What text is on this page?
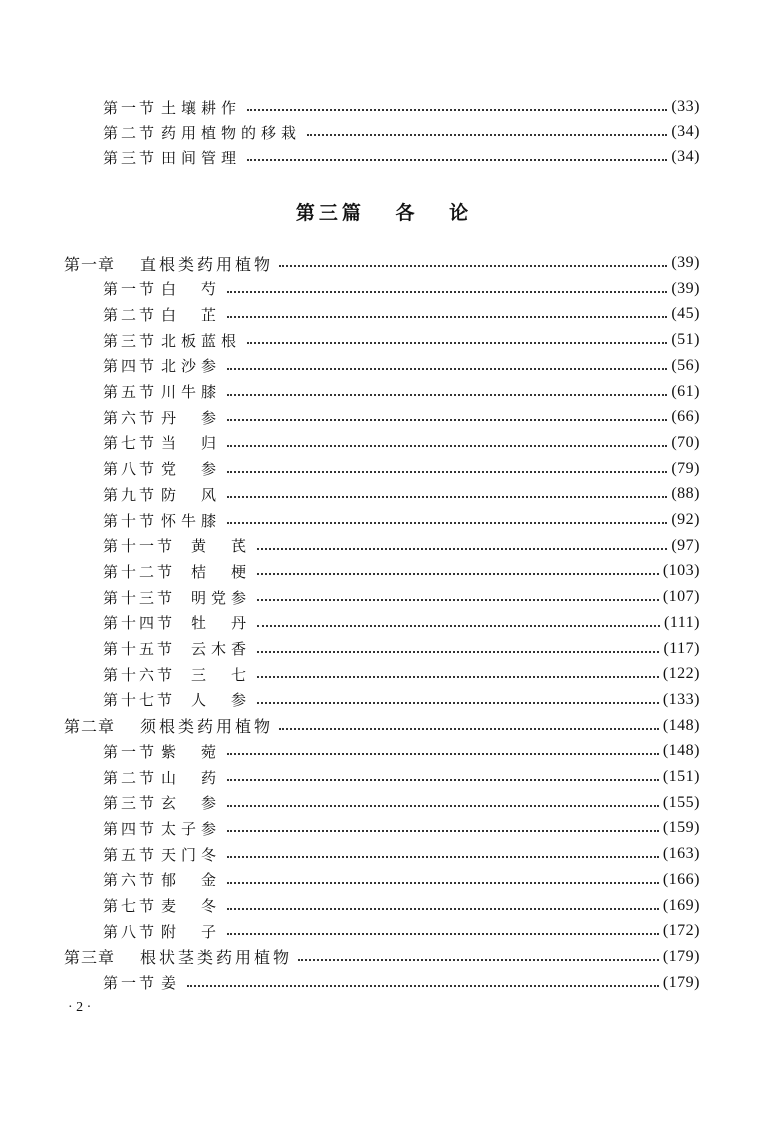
第一节 土壤耕作	(33)
第二节 药用植物的移栽	(34)
第三节 田间管理	(34)
第一章	直根类药用植物	(39)
第一节 白　芍	(39)
第二节 白　芷	(45)
第三节 北板蓝根	(51)
第四节 北沙参	(56)
第五节 川牛膝	(61)
第六节 丹　参	(66)
第七节 当　归	(70)
第八节 党　参	(79)
第九节 防　风	(88)
第十节 怀牛膝	(92)
第十一节	黄　芪	(97)
第十二节	桔　梗	(103)
第十三节	明党参	(107)
第十四节	牡　丹	(111)
第十五节	云木香	(117)
第十六节	三　七	(122)
第十七节	人　参	(133)
第二章	须根类药用植物	(148)
第一节 紫　菀	(148)
第二节 山　药	(151)
第三节 玄　参	(155)
第四节 太子参	(159)
第五节 天门冬	(163)
第六节 郁　金	(166)
第七节 麦　冬	(169)
第八节 附　子	(172)
第三章	根状茎类药用植物	(179)
第一节 姜	(179)
第三篇 各 论
· 2 ·
